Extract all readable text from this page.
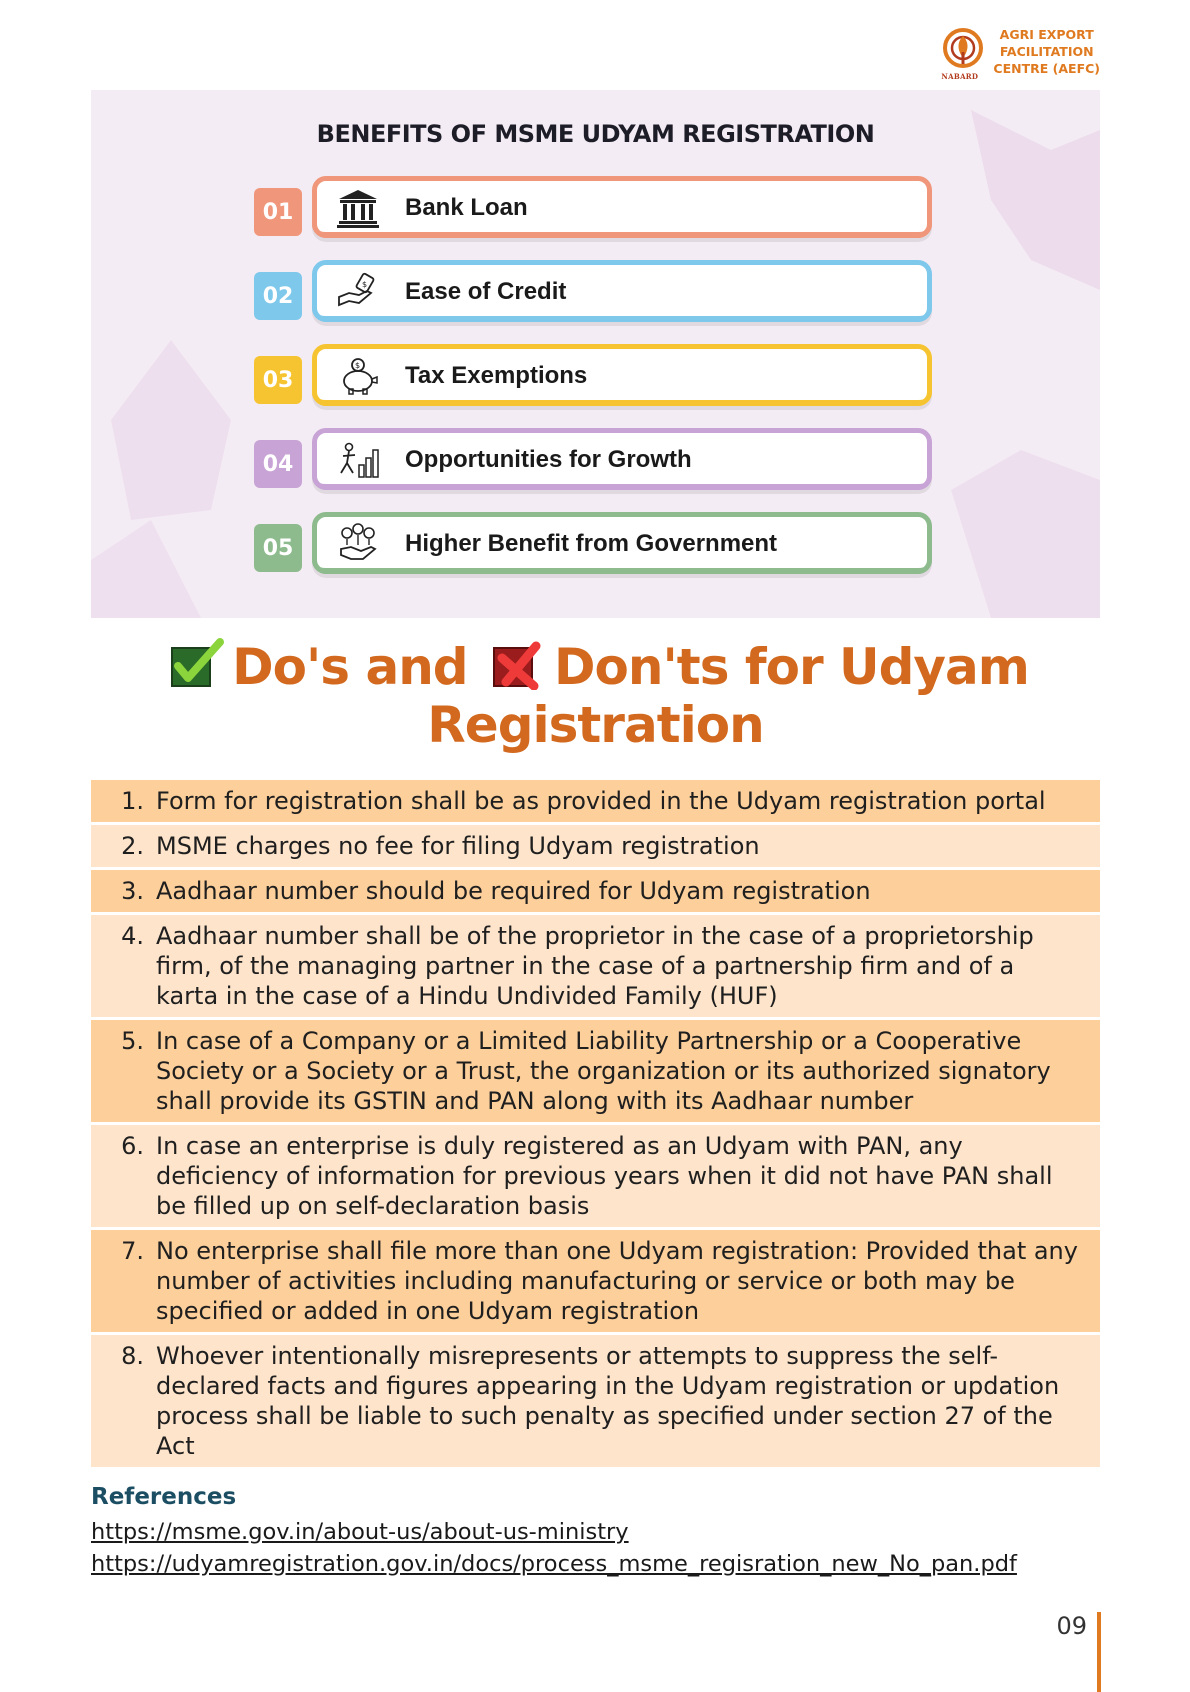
NABARD
AGRI EXPORT
FACILITATION
CENTRE (AEFC)
BENEFITS OF MSME UDYAM REGISTRATION
01	Bank Loan
02	$ Ease of Credit
03
$ Tax Exemptions
04	Opportunities for Growth
05	Higher Benefit from Government
Do's and Don'ts for Udyam
Registration
1. Form for registration shall be as provided in the Udyam registration portal
2. MSME charges no fee for filing Udyam registration
3. Aadhaar number should be required for Udyam registration
4. Aadhaar number shall be of the proprietor in the case of a proprietorship firm, of the managing partner in the case of a partnership firm and of a karta in the case of a Hindu Undivided Family (HUF)
5. In case of a Company or a Limited Liability Partnership or a Cooperative Society or a Society or a Trust, the organization or its authorized signatory shall provide its GSTIN and PAN along with its Aadhaar number
6. In case an enterprise is duly registered as an Udyam with PAN, any deficiency of information for previous years when it did not have PAN shall be filled up on self-declaration basis
7. No enterprise shall file more than one Udyam registration: Provided that any number of activities including manufacturing or service or both may be specified or added in one Udyam registration
8. Whoever intentionally misrepresents or attempts to suppress the self-declared facts and figures appearing in the Udyam registration or updation process shall be liable to such penalty as specified under section 27 of the Act
References
https://msme.gov.in/about-us/about-us-ministry
https://udyamregistration.gov.in/docs/process_msme_regisration_new_No_pan.pdf
09
